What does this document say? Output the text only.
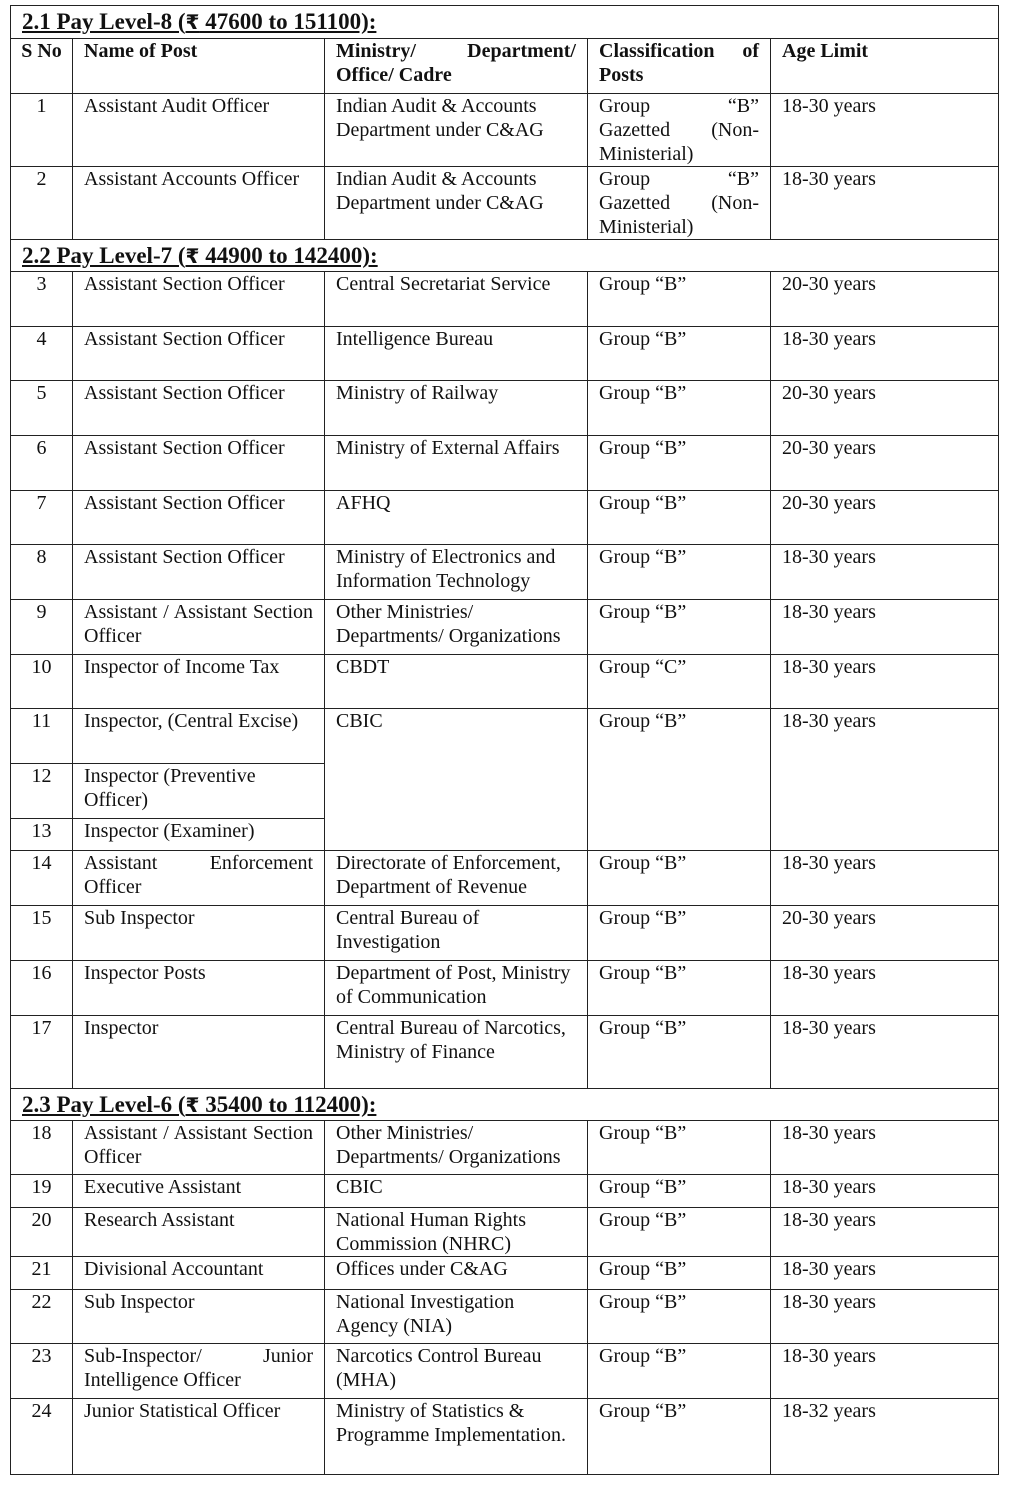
2.1 Pay Level-8 (₹ 47600 to 151100):				
S No	Name of Post	Ministry/ Department/ Office/ Cadre	Classification of Posts	Age Limit
1	Assistant Audit Officer	Indian Audit & Accounts Department under C&AG	Group “B” Gazetted (Non-Ministerial)	18-30 years
2	Assistant Accounts Officer	Indian Audit & Accounts Department under C&AG	Group “B” Gazetted (Non-Ministerial)	18-30 years
2.2 Pay Level-7 (₹ 44900 to 142400):				
3	Assistant Section Officer	Central Secretariat Service	Group “B”	20-30 years
4	Assistant Section Officer	Intelligence Bureau	Group “B”	18-30 years
5	Assistant Section Officer	Ministry of Railway	Group “B”	20-30 years
6	Assistant Section Officer	Ministry of External Affairs	Group “B”	20-30 years
7	Assistant Section Officer	AFHQ	Group “B”	20-30 years
8	Assistant Section Officer	Ministry of Electronics and Information Technology	Group “B”	18-30 years
9	Assistant / Assistant Section Officer	Other Ministries/ Departments/ Organizations	Group “B”	18-30 years
10	Inspector of Income Tax	CBDT	Group “C”	18-30 years
11	Inspector, (Central Excise)	CBIC	Group “B”	18-30 years
12	Inspector (Preventive Officer)			
13	Inspector (Examiner)			
14	Assistant Enforcement Officer	Directorate of Enforcement, Department of Revenue	Group “B”	18-30 years
15	Sub Inspector	Central Bureau of Investigation	Group “B”	20-30 years
16	Inspector Posts	Department of Post, Ministry of Communication	Group “B”	18-30 years
17	Inspector	Central Bureau of Narcotics, Ministry of Finance	Group “B”	18-30 years
2.3 Pay Level-6 (₹ 35400 to 112400):				
18	Assistant / Assistant Section Officer	Other Ministries/ Departments/ Organizations	Group “B”	18-30 years
19	Executive Assistant	CBIC	Group “B”	18-30 years
20	Research Assistant	National Human Rights Commission (NHRC)	Group “B”	18-30 years
21	Divisional Accountant	Offices under C&AG	Group “B”	18-30 years
22	Sub Inspector	National Investigation Agency (NIA)	Group “B”	18-30 years
23	Sub-Inspector/ Junior Intelligence Officer	Narcotics Control Bureau (MHA)	Group “B”	18-30 years
24	Junior Statistical Officer	Ministry of Statistics & Programme Implementation.	Group “B”	18-32 years
